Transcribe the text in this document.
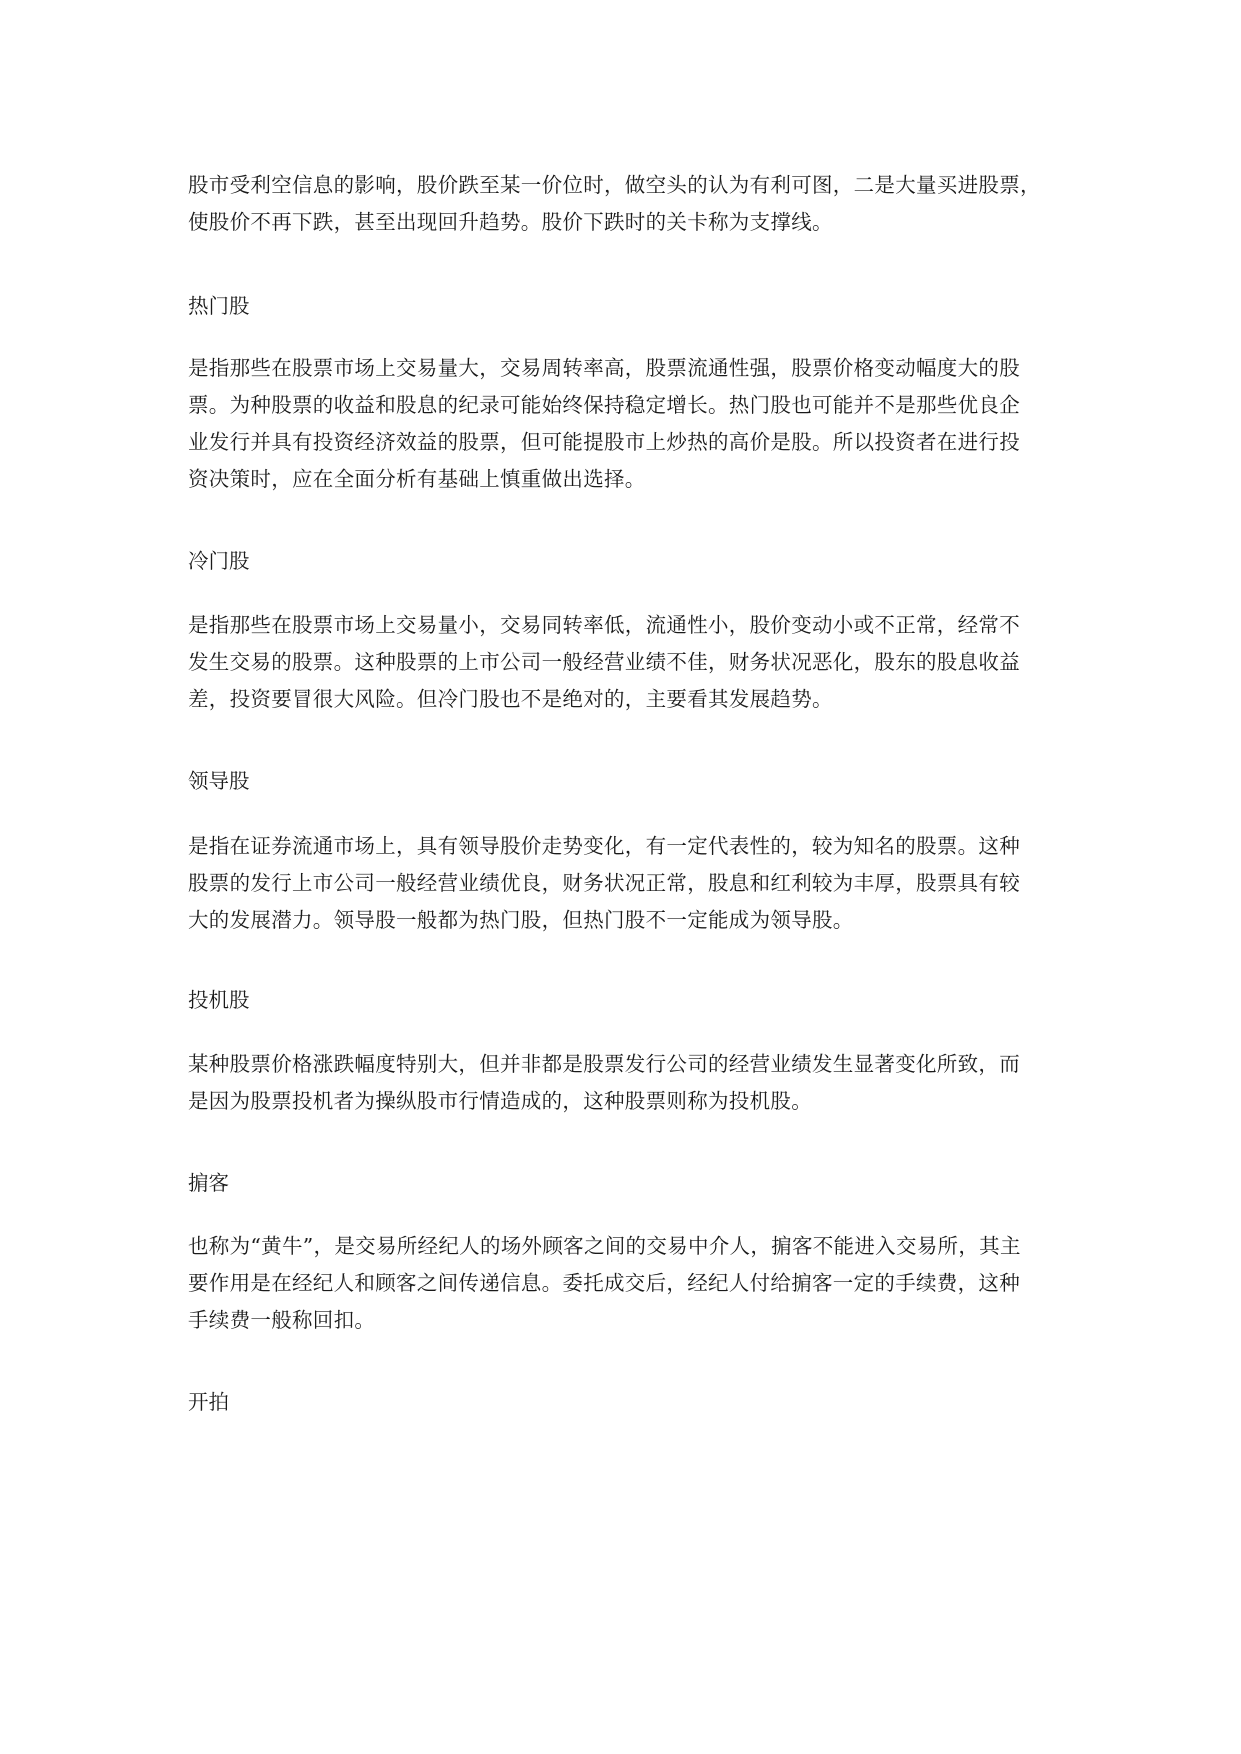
股市受利空信息的影响，股价跌至某一价位时，做空头的认为有利可图，二是大量买进股票，
使股价不再下跌，甚至出现回升趋势。股价下跌时的关卡称为支撑线。

热门股

是指那些在股票市场上交易量大，交易周转率高，股票流通性强，股票价格变动幅度大的股
票。为种股票的收益和股息的纪录可能始终保持稳定增长。热门股也可能并不是那些优良企
业发行并具有投资经济效益的股票，但可能提股市上炒热的高价是股。所以投资者在进行投
资决策时，应在全面分析有基础上慎重做出选择。

冷门股

是指那些在股票市场上交易量小，交易同转率低，流通性小，股价变动小或不正常，经常不
发生交易的股票。这种股票的上市公司一般经营业绩不佳，财务状况恶化，股东的股息收益
差，投资要冒很大风险。但冷门股也不是绝对的，主要看其发展趋势。

领导股

是指在证券流通市场上，具有领导股价走势变化，有一定代表性的，较为知名的股票。这种
股票的发行上市公司一般经营业绩优良，财务状况正常，股息和红利较为丰厚，股票具有较
大的发展潜力。领导股一般都为热门股，但热门股不一定能成为领导股。

投机股

某种股票价格涨跌幅度特别大，但并非都是股票发行公司的经营业绩发生显著变化所致，而
是因为股票投机者为操纵股市行情造成的，这种股票则称为投机股。

掮客

也称为“黄牛”，是交易所经纪人的场外顾客之间的交易中介人，掮客不能进入交易所，其主
要作用是在经纪人和顾客之间传递信息。委托成交后，经纪人付给掮客一定的手续费，这种
手续费一般称回扣。

开拍
